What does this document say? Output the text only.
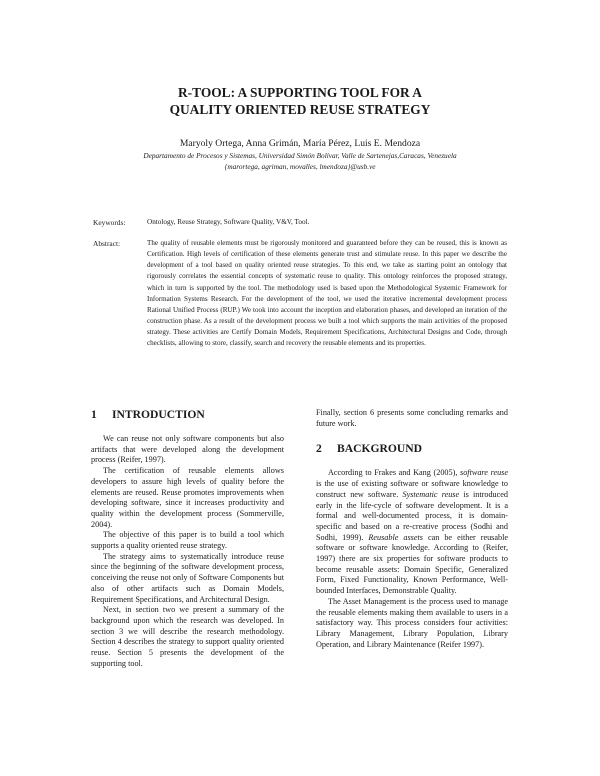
R-TOOL: A SUPPORTING TOOL FOR A
QUALITY ORIENTED REUSE STRATEGY
Maryoly Ortega, Anna Grimán, María Pérez, Luis E. Mendoza
Departamento de Procesos y Sistemas, Universidad Simón Bolívar, Valle de Sartenejas,Caracas, Venezuela
{marortega, agriman, movalles, lmendoza}@usb.ve
Keywords:	Ontology, Reuse Strategy, Software Quality, V&V, Tool.
Abstract:	The quality of reusable elements must be rigorously monitored and guaranteed before they can be reused, this is known as Certification. High levels of certification of these elements generate trust and stimulate reuse. In this paper we describe the development of a tool based on quality oriented reuse strategies. To this end, we take as starting point an ontology that rigorously correlates the essential concepts of systematic reuse to quality. This ontology reinforces the proposed strategy, which in turn is supported by the tool. The methodology used is based upon the Methodological Systemic Framework for Information Systems Research. For the development of the tool, we used the iterative incremental development process Rational Unified Process (RUP.) We took into account the inception and elaboration phases, and developed an iteration of the construction phase. As a result of the development process we built a tool which supports the main activities of the proposed strategy. These activities are Certify Domain Models, Requirement Specifications, Architectural Designs and Code, through checklists, allowing to store, classify, search and recovery the reusable elements and its properties.
1 INTRODUCTION

We can reuse not only software components but also artifacts that were developed along the development process (Reifer, 1997).

The certification of reusable elements allows developers to assure high levels of quality before the elements are reused. Reuse promotes improvements when developing software, since it increases productivity and quality within the development process (Sommerville, 2004).

The objective of this paper is to build a tool which supports a quality oriented reuse strategy.

The strategy aims to systematically introduce reuse since the beginning of the software development process, conceiving the reuse not only of Software Components but also of other artifacts such as Domain Models, Requirement Specifications, and Architectural Design.

Next, in section two we present a summary of the background upon which the research was developed. In section 3 we will describe the research methodology. Section 4 describes the strategy to support quality oriented reuse. Section 5 presents the development of the supporting tool.

Finally, section 6 presents some concluding remarks and future work.

2 BACKGROUND

According to Frakes and Kang (2005), software reuse is the use of existing software or software knowledge to construct new software. Systematic reuse is introduced early in the life-cycle of software development. It is a formal and well-documented process, it is domain-specific and based on a re-creative process (Sodhi and Sodhi, 1999). Reusable assets can be either reusable software or software knowledge. According to (Reifer, 1997) there are six properties for software products to become reusable assets: Domain Specific, Generalized Form, Fixed Functionality, Known Performance, Well-bounded Interfaces, Demonstrable Quality.

The Asset Management is the process used to manage the reusable elements making them available to users in a satisfactory way. This process considers four activities: Library Management, Library Population, Library Operation, and Library Maintenance (Reifer 1997).
